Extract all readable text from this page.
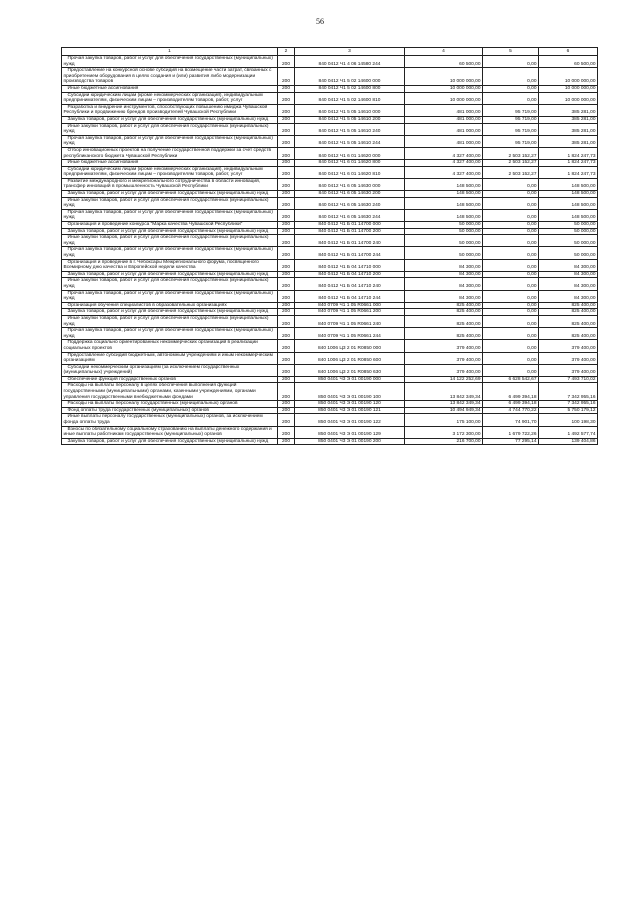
56
1	2	3	4	5	6
Прочая закупка товаров, работ и услуг для обеспечения государственных (муниципальных) нужд	200	840 0412 Ч1 4 06 14580 244	60 500,00	0,00	60 500,00
Предоставление на конкурсной основе субсидий на возмещение части затрат, связанных с приобретением оборудования в целях создания и (или) развития либо модернизации производства товаров	200	840 0412 Ч1 5 02 14600 000	10 000 000,00	0,00	10 000 000,00
Иные бюджетные ассигнования	200	840 0412 Ч1 5 02 14600 800	10 000 000,00	0,00	10 000 000,00
Субсидии юридическим лицам (кроме некоммерческих организаций), индивидуальным предпринимателям, физическим лицам – производителям товаров, работ, услуг	200	840 0412 Ч1 5 02 14600 810	10 000 000,00	0,00	10 000 000,00
Разработка и внедрение инструментов, способствующих повышению имиджа Чувашской Республики и продвижению брендов производителей Чувашской Республики	200	840 0412 Ч1 5 05 14610 000	481 000,00	95 719,00	385 281,00
Закупка товаров, работ и услуг для обеспечения государственных (муниципальных) нужд	200	840 0412 Ч1 5 05 14610 200	481 000,00	95 719,00	385 281,00
Иные закупки товаров, работ и услуг для обеспечения государственных (муниципальных) нужд	200	840 0412 Ч1 5 05 14610 240	481 000,00	95 719,00	385 281,00
Прочая закупка товаров, работ и услуг для обеспечения государственных (муниципальных) нужд	200	840 0412 Ч1 5 05 14610 244	481 000,00	95 719,00	385 281,00
Отбор инновационных проектов на получение государственной поддержки за счет средств республиканского бюджета Чувашской Республики	200	840 0412 Ч1 6 01 14620 000	4 327 400,00	2 503 152,27	1 824 247,73
Иные бюджетные ассигнования	200	840 0412 Ч1 6 01 14620 800	4 327 400,00	2 503 152,27	1 824 247,73
Субсидии юридическим лицам (кроме некоммерческих организаций), индивидуальным предпринимателям, физическим лицам – производителям товаров, работ, услуг	200	840 0412 Ч1 6 01 14620 810	4 327 400,00	2 503 152,27	1 824 247,73
Развитие международного и межрегионального сотрудничества в области инноваций, трансфер инноваций в промышленность Чувашской Республики	200	840 0412 Ч1 6 05 14630 000	148 500,00	0,00	148 500,00
Закупка товаров, работ и услуг для обеспечения государственных (муниципальных) нужд	200	840 0412 Ч1 6 05 14630 200	148 500,00	0,00	148 500,00
Иные закупки товаров, работ и услуг для обеспечения государственных (муниципальных) нужд	200	840 0412 Ч1 6 05 14630 240	148 500,00	0,00	148 500,00
Прочая закупка товаров, работ и услуг для обеспечения государственных (муниципальных) нужд	200	840 0412 Ч1 6 05 14630 244	148 500,00	0,00	148 500,00
Организация и проведение конкурса "Марка качества Чувашской Республики"	200	840 0412 Ч1 Б 01 14700 000	50 000,00	0,00	50 000,00
Закупка товаров, работ и услуг для обеспечения государственных (муниципальных) нужд	200	840 0412 Ч1 Б 01 14700 200	50 000,00	0,00	50 000,00
Иные закупки товаров, работ и услуг для обеспечения государственных (муниципальных) нужд	200	840 0412 Ч1 Б 01 14700 240	50 000,00	0,00	50 000,00
Прочая закупка товаров, работ и услуг для обеспечения государственных (муниципальных) нужд	200	840 0412 Ч1 Б 01 14700 244	50 000,00	0,00	50 000,00
Организация и проведение в г. Чебоксары Межрегионального форума, посвященного Всемирному дню качества и Европейской недели качества	200	840 0412 Ч1 Б 04 14710 000	84 300,00	0,00	84 300,00
Закупка товаров, работ и услуг для обеспечения государственных (муниципальных) нужд	200	840 0412 Ч1 Б 04 14710 200	84 300,00	0,00	84 300,00
Иные закупки товаров, работ и услуг для обеспечения государственных (муниципальных) нужд	200	840 0412 Ч1 Б 04 14710 240	84 300,00	0,00	84 300,00
Прочая закупка товаров, работ и услуг для обеспечения государственных (муниципальных) нужд	200	840 0412 Ч1 Б 04 14710 244	84 300,00	0,00	84 300,00
Организация обучения специалистов в образовательных организациях	200	840 0709 Ч1 1 05 R0661 000	825 400,00	0,00	825 400,00
Закупка товаров, работ и услуг для обеспечения государственных (муниципальных) нужд	200	840 0709 Ч1 1 05 R0661 200	825 400,00	0,00	825 400,00
Иные закупки товаров, работ и услуг для обеспечения государственных (муниципальных) нужд	200	840 0709 Ч1 1 05 R0661 240	825 400,00	0,00	825 400,00
Прочая закупка товаров, работ и услуг для обеспечения государственных (муниципальных) нужд	200	840 0709 Ч1 1 05 R0661 244	825 400,00	0,00	825 400,00
Поддержка социально ориентированных некоммерческих организаций в реализации социальных проектов	200	840 1006 Ц3 2 01 R0850 000	379 400,00	0,00	379 400,00
Предоставление субсидий бюджетным, автономным учреждениям и иным некоммерческим организациям	200	840 1006 Ц3 2 01 R0850 600	379 400,00	0,00	379 400,00
Субсидии некоммерческим организациям (за исключением государственных (муниципальных) учреждений)	200	840 1006 Ц3 2 01 R0850 630	379 400,00	0,00	379 400,00
Обеспечение функций государственных органов	200	850 0401 Ч3 Э 01 00190 000	14 122 252,69	6 628 542,67	7 493 710,02
Расходы на выплаты персоналу в целях обеспечения выполнения функций государственными (муниципальными) органами, казенными учреждениями, органами управления государственными внебюджетными фондами	200	850 0401 Ч3 Э 01 00190 100	13 842 349,34	6 499 394,18	7 342 955,16
Расходы на выплаты персоналу государственных (муниципальных) органов	200	850 0401 Ч3 Э 01 00190 120	13 842 349,34	6 499 394,18	7 342 955,16
Фонд оплаты труда государственных (муниципальных) органов	200	850 0401 Ч3 Э 01 00190 121	10 494 949,34	4 744 770,22	5 750 179,12
Иные выплаты персоналу государственных (муниципальных) органов, за исключением фонда оплаты труда	200	850 0401 Ч3 Э 01 00190 122	175 100,00	74 901,70	100 198,30
Взносы по обязательному социальному страхованию на выплаты денежного содержания и иные выплаты работникам государственных (муниципальных) органов	200	850 0401 Ч3 Э 01 00190 129	3 172 300,00	1 679 722,26	1 492 577,74
Закупка товаров, работ и услуг для обеспечения государственных (муниципальных) нужд	200	850 0401 Ч3 Э 01 00190 200	216 700,00	77 295,14	139 404,86
